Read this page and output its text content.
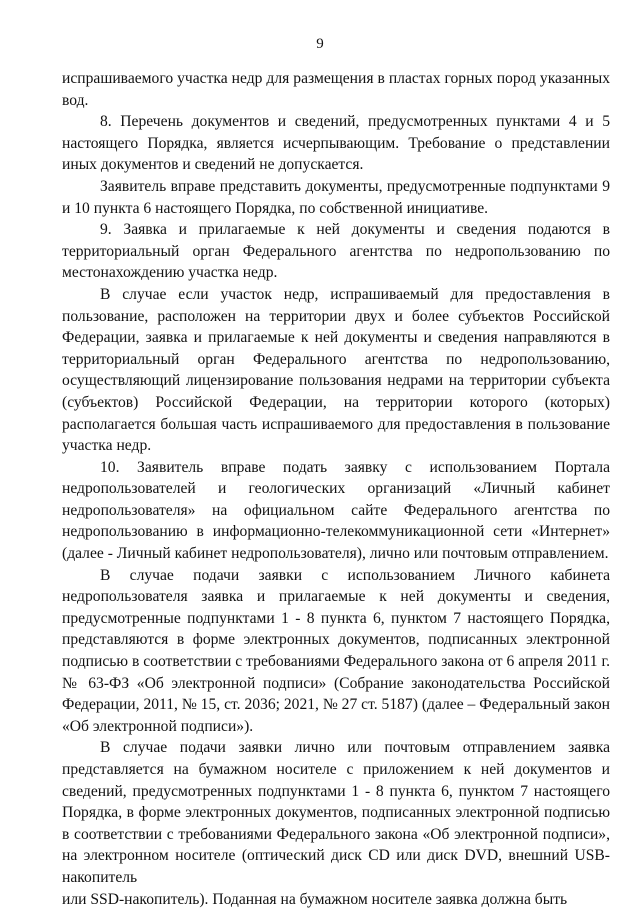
9

испрашиваемого участка недр для размещения в пластах горных пород указанных вод.

8. Перечень документов и сведений, предусмотренных пунктами 4 и 5 настоящего Порядка, является исчерпывающим. Требование о представлении иных документов и сведений не допускается.

Заявитель вправе представить документы, предусмотренные подпунктами 9 и 10 пункта 6 настоящего Порядка, по собственной инициативе.

9. Заявка и прилагаемые к ней документы и сведения подаются в территориальный орган Федерального агентства по недропользованию по местонахождению участка недр.

В случае если участок недр, испрашиваемый для предоставления в пользование, расположен на территории двух и более субъектов Российской Федерации, заявка и прилагаемые к ней документы и сведения направляются в территориальный орган Федерального агентства по недропользованию, осуществляющий лицензирование пользования недрами на территории субъекта (субъектов) Российской Федерации, на территории которого (которых) располагается большая часть испрашиваемого для предоставления в пользование участка недр.

10. Заявитель вправе подать заявку с использованием Портала недропользователей и геологических организаций «Личный кабинет недропользователя» на официальном сайте Федерального агентства по недропользованию в информационно-телекоммуникационной сети «Интернет» (далее - Личный кабинет недропользователя), лично или почтовым отправлением.

В случае подачи заявки с использованием Личного кабинета недропользователя заявка и прилагаемые к ней документы и сведения, предусмотренные подпунктами 1 - 8 пункта 6, пунктом 7 настоящего Порядка, представляются в форме электронных документов, подписанных электронной подписью в соответствии с требованиями Федерального закона от 6 апреля 2011 г. № 63-ФЗ «Об электронной подписи» (Собрание законодательства Российской Федерации, 2011, № 15, ст. 2036; 2021, № 27 ст. 5187) (далее – Федеральный закон «Об электронной подписи»).

В случае подачи заявки лично или почтовым отправлением заявка представляется на бумажном носителе с приложением к ней документов и сведений, предусмотренных подпунктами 1 - 8 пункта 6, пунктом 7 настоящего Порядка, в форме электронных документов, подписанных электронной подписью в соответствии с требованиями Федерального закона «Об электронной подписи», на электронном носителе (оптический диск CD или диск DVD, внешний USB-накопитель

или SSD-накопитель). Поданная на бумажном носителе заявка должна быть
